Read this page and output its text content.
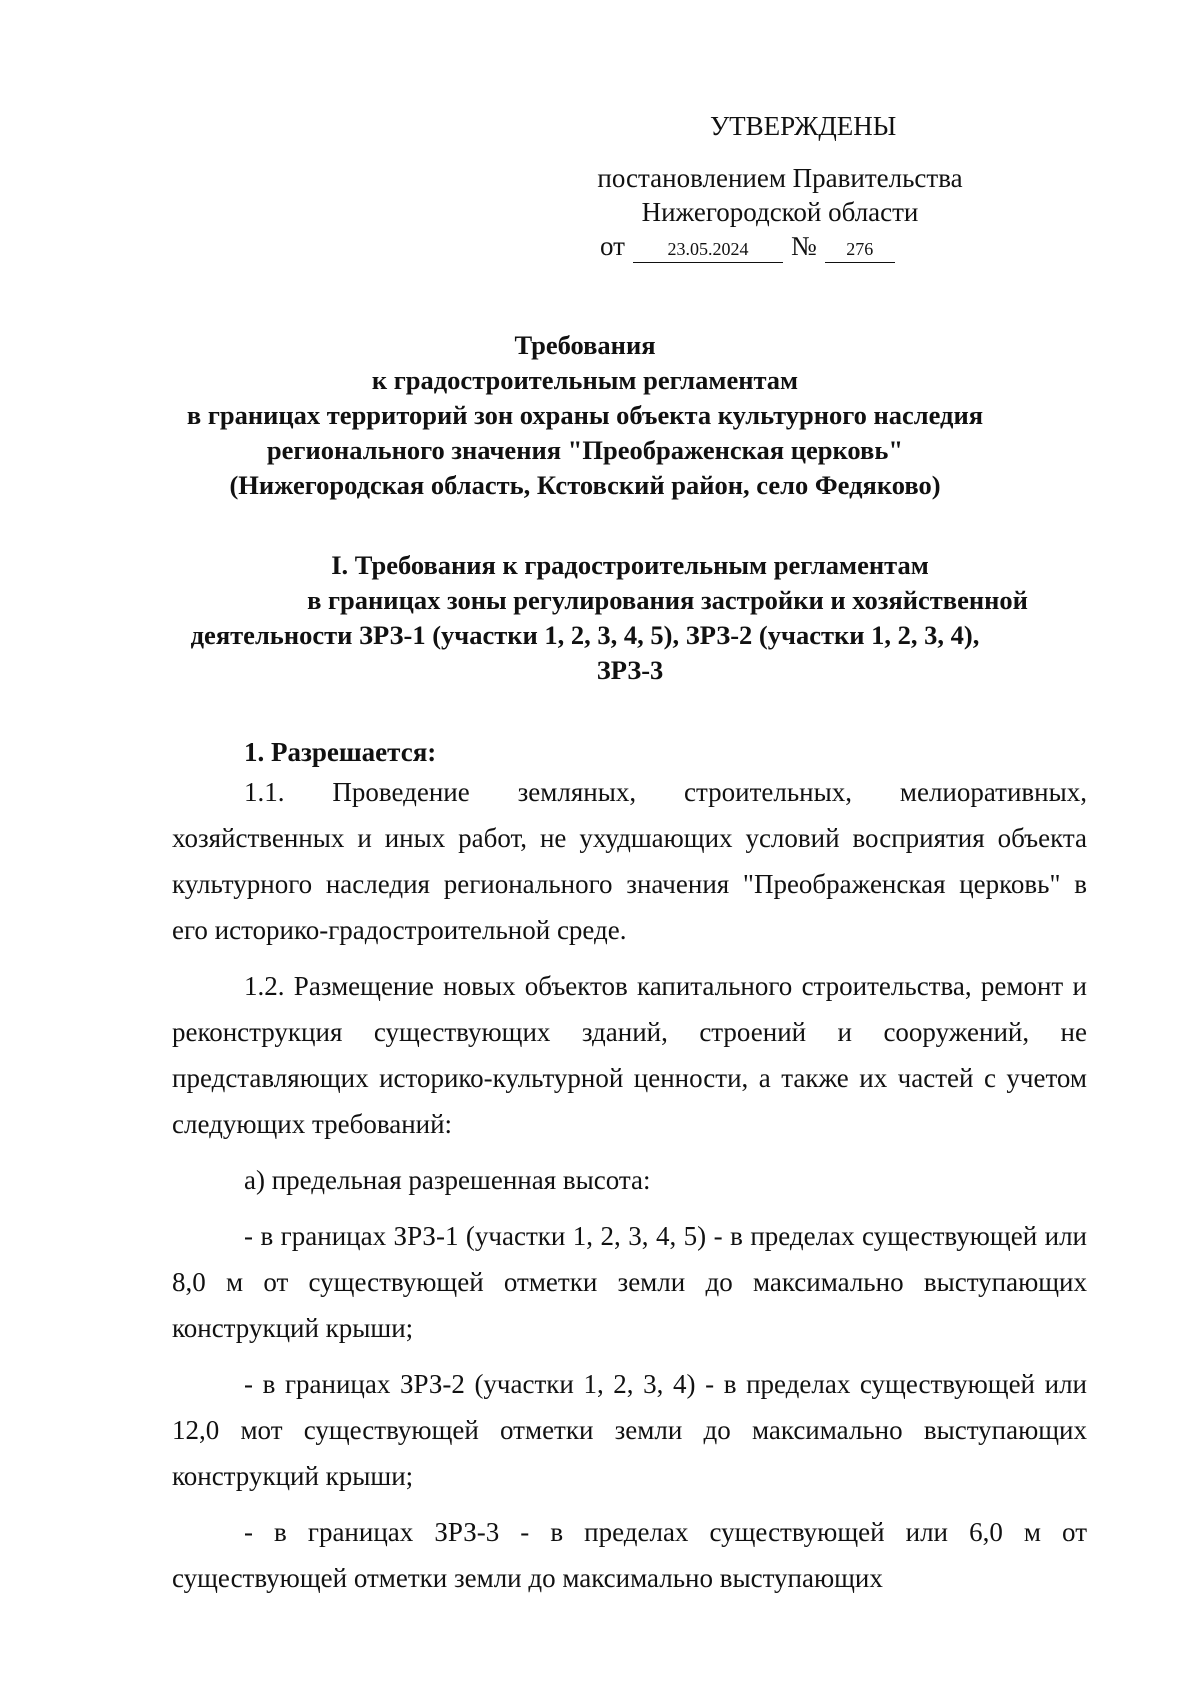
УТВЕРЖДЕНЫ
постановлением Правительства
Нижегородской области
от 23.05.2024 № 276
Требования
к градостроительным регламентам
в границах территорий зон охраны объекта культурного наследия
регионального значения "Преображенская церковь"
(Нижегородская область, Кстовский район, село Федяково)
I. Требования к градостроительным регламентам
в границах зоны регулирования застройки и хозяйственной
деятельности ЗРЗ-1 (участки 1, 2, 3, 4, 5), ЗРЗ-2 (участки 1, 2, 3, 4),
ЗРЗ-3

1. Разрешается:

1.1. Проведение земляных, строительных, мелиоративных, хозяйственных и иных работ, не ухудшающих условий восприятия объекта культурного наследия регионального значения "Преображенская церковь" в его историко-градостроительной среде.

1.2. Размещение новых объектов капитального строительства, ремонт и реконструкция существующих зданий, строений и сооружений, не представляющих историко-культурной ценности, а также их частей с учетом следующих требований:

а) предельная разрешенная высота:

- в границах ЗРЗ-1 (участки 1, 2, 3, 4, 5) - в пределах существующей или 8,0 м от существующей отметки земли до максимально выступающих конструкций крыши;

- в границах ЗРЗ-2 (участки 1, 2, 3, 4) - в пределах существующей или 12,0 мот существующей отметки земли до максимально выступающих конструкций крыши;

- в границах ЗРЗ-3 - в пределах существующей или 6,0 м от существующей отметки земли до максимально выступающих
